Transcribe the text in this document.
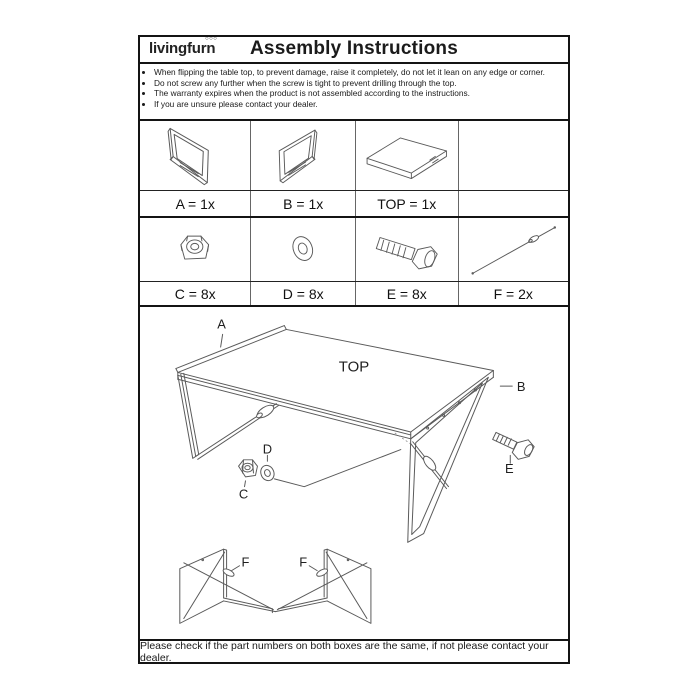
livingfurn
○○○	Assembly Instructions
• When flipping the table top, to prevent damage, raise it completely, do not let it lean on any edge or corner.
• Do not screw any further when the screw is tight to prevent drilling through the top.
• The warranty expires when the product is not assembled according to the instructions.
• If you are unsure please contact your dealer.
A = 1x	B = 1x	TOP = 1x
C = 8x	D = 8x	E = 8x	F = 2x
A
TOP
B
C
D
E
F	F
Please check if the part numbers on both boxes are the same, if not please contact your dealer.
